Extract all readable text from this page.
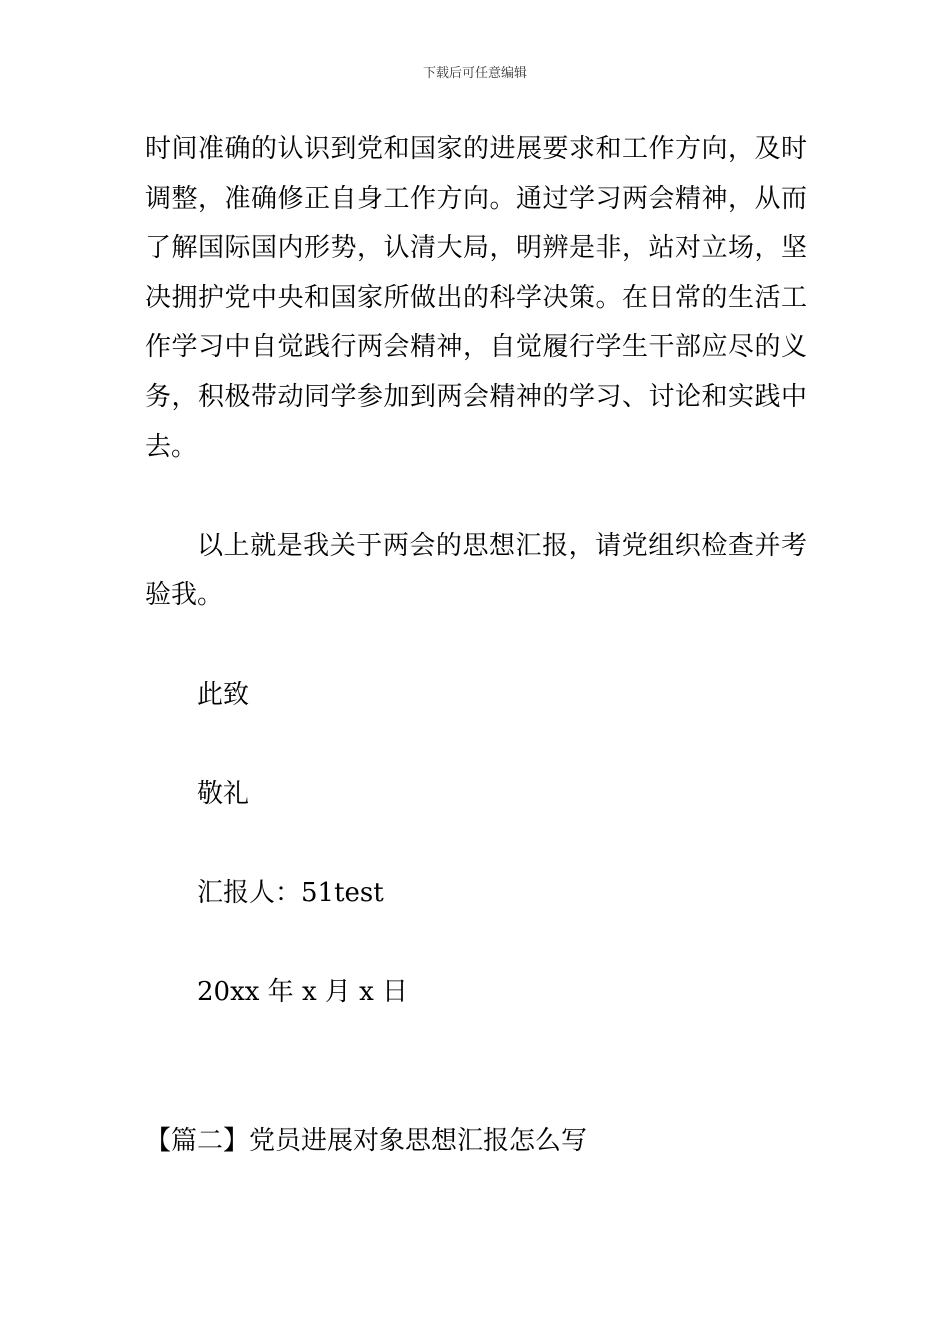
下载后可任意编辑

时间准确的认识到党和国家的进展要求和工作方向，及时调整，准确修正自身工作方向。通过学习两会精神，从而了解国际国内形势，认清大局，明辨是非，站对立场，坚决拥护党中央和国家所做出的科学决策。在日常的生活工作学习中自觉践行两会精神，自觉履行学生干部应尽的义务，积极带动同学参加到两会精神的学习、讨论和实践中去。

以上就是我关于两会的思想汇报，请党组织检查并考验我。

此致

敬礼

汇报人：51test

20xx 年 x 月 x 日

【篇二】党员进展对象思想汇报怎么写
